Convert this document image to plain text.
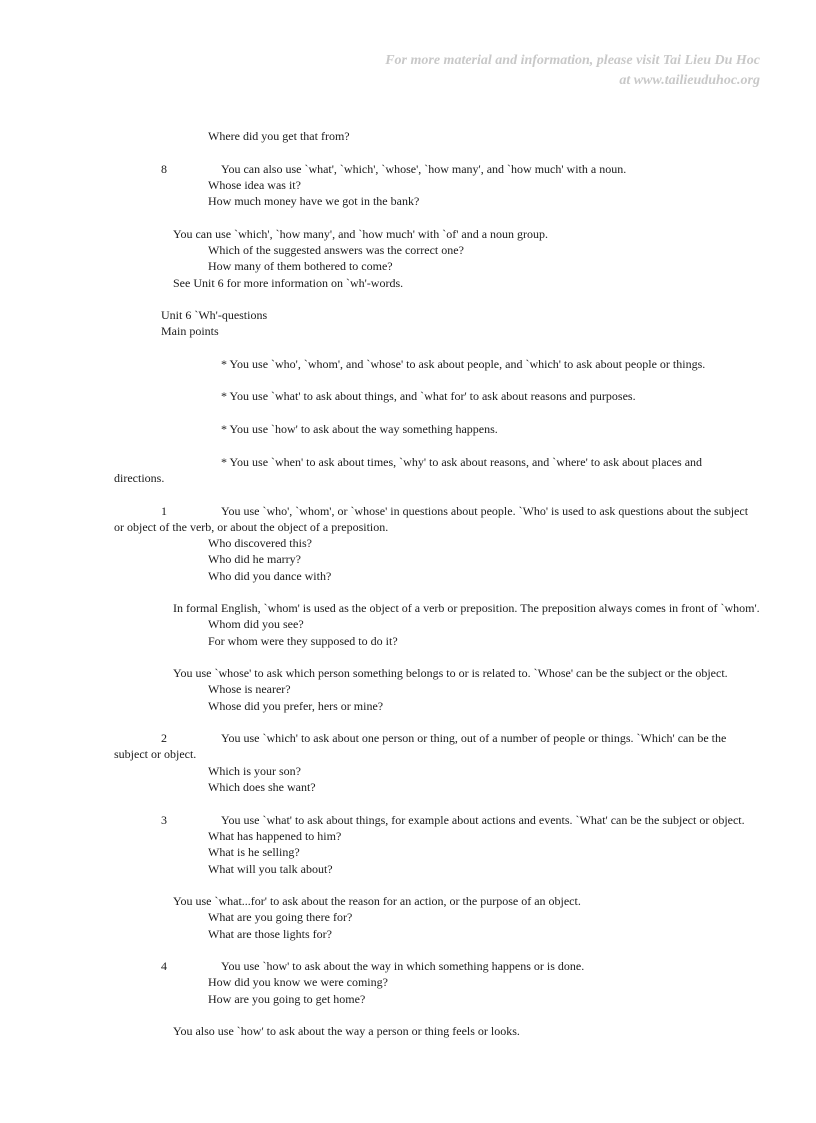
For more material and information, please visit Tai Lieu Du Hoc
at www.tailieuduhoc.org
Where did you get that from?
8	You can also use `what', `which', `whose', `how many', and `how much' with a noun.
Whose idea was it?
How much money have we got in the bank?
You can use `which', `how many', and `how much' with `of' and a noun group.
Which of the suggested answers was the correct one?
How many of them bothered to come?
See Unit 6 for more information on `wh'-words.
Unit 6 `Wh'-questions
Main points
* You use `who', `whom', and `whose' to ask about people, and `which' to ask about people or things.
* You use `what' to ask about things, and `what for' to ask about reasons and purposes.
* You use `how' to ask about the way something happens.
* You use `when' to ask about times, `why' to ask about reasons, and `where' to ask about places and
directions.
1	You use `who', `whom', or `whose' in questions about people. `Who' is used to ask questions about the subject
or object of the verb, or about the object of a preposition.
Who discovered this?
Who did he marry?
Who did you dance with?
In formal English, `whom' is used as the object of a verb or preposition. The preposition always comes in front of `whom'.
Whom did you see?
For whom were they supposed to do it?
You use `whose' to ask which person something belongs to or is related to. `Whose' can be the subject or the object.
Whose is nearer?
Whose did you prefer, hers or mine?
2	You use `which' to ask about one person or thing, out of a number of people or things. `Which' can be the
subject or object.
Which is your son?
Which does she want?
3	You use `what' to ask about things, for example about actions and events. `What' can be the subject or object.
What has happened to him?
What is he selling?
What will you talk about?
You use `what...for' to ask about the reason for an action, or the purpose of an object.
What are you going there for?
What are those lights for?
4	You use `how' to ask about the way in which something happens or is done.
How did you know we were coming?
How are you going to get home?
You also use `how' to ask about the way a person or thing feels or looks.
